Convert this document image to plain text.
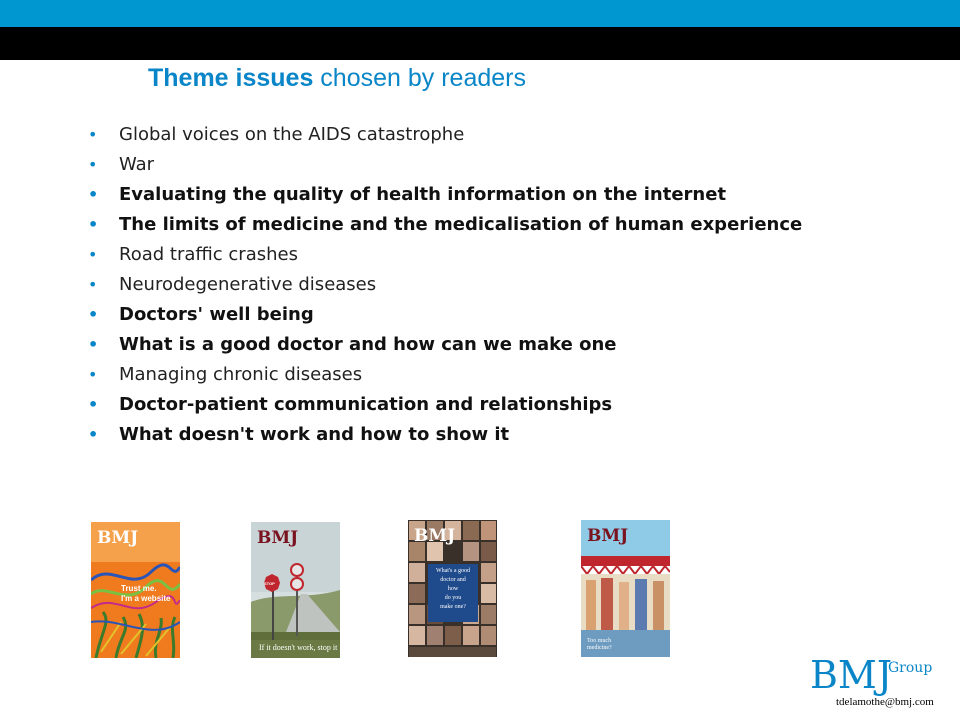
Theme issues chosen by readers
• Global voices on the AIDS catastrophe
• War
• Evaluating the quality of health information on the internet
• The limits of medicine and the medicalisation of human experience
• Road traffic crashes
• Neurodegenerative diseases
• Doctors' well being
• What is a good doctor and how can we make one
• Managing chronic diseases
• Doctor-patient communication and relationships
• What doesn't work and how to show it
BMJ
Trust me.
I'm a website
BMJ
STOP
If it doesn't work, stop it
BMJ
What's a good
doctor and
how
do you
make one?
BMJ
Too much
medicine?
BMJ
Group
tdelamothe@bmj.com
